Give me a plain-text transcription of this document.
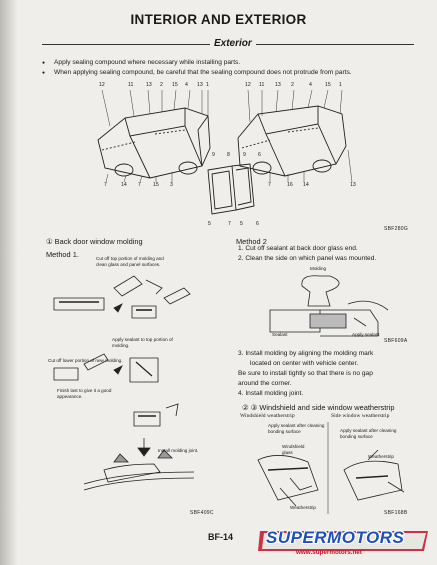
INTERIOR AND EXTERIOR
Exterior
● Apply sealing compound where necessary while installing parts.
● When applying sealing compound, be careful that the sealing compound does not protrude from parts.
12	11 13 2 15 4 13 1	12 11 13 2	4	15 1
7	14 7 15 3	7	16 14	13
9 8	9 6
5	7 5	6
SBF280G
① Back door window molding
Method 1.	Cut off top portion of molding and clean glass and panel surfaces.
Apply sealant to top portion of molding.
Cut off lower portion of new molding.
Finish last to give it a good appearance.
Install molding joint.
SBF409C
Method 2
1. Cut off sealant at back door glass end.
2. Clean the side on which panel was mounted.
Molding
Sealant	Apply sealant
SBF609A
3. Install molding by aligning the molding mark
located on center with vehicle center.
Be sure to install tightly so that there is no gap
around the corner.
4. Install molding joint.
② ③ Windshield and side window weatherstrip
Windshield weatherstrip	Side window weatherstrip
Apply sealant after cleaning bonding surface
Windshield glass
Weatherstrip
Apply sealant after cleaning bonding surface
Weatherstrip
SBF168B
BF-14 SUPERMOTORS
www.supermotors.net
